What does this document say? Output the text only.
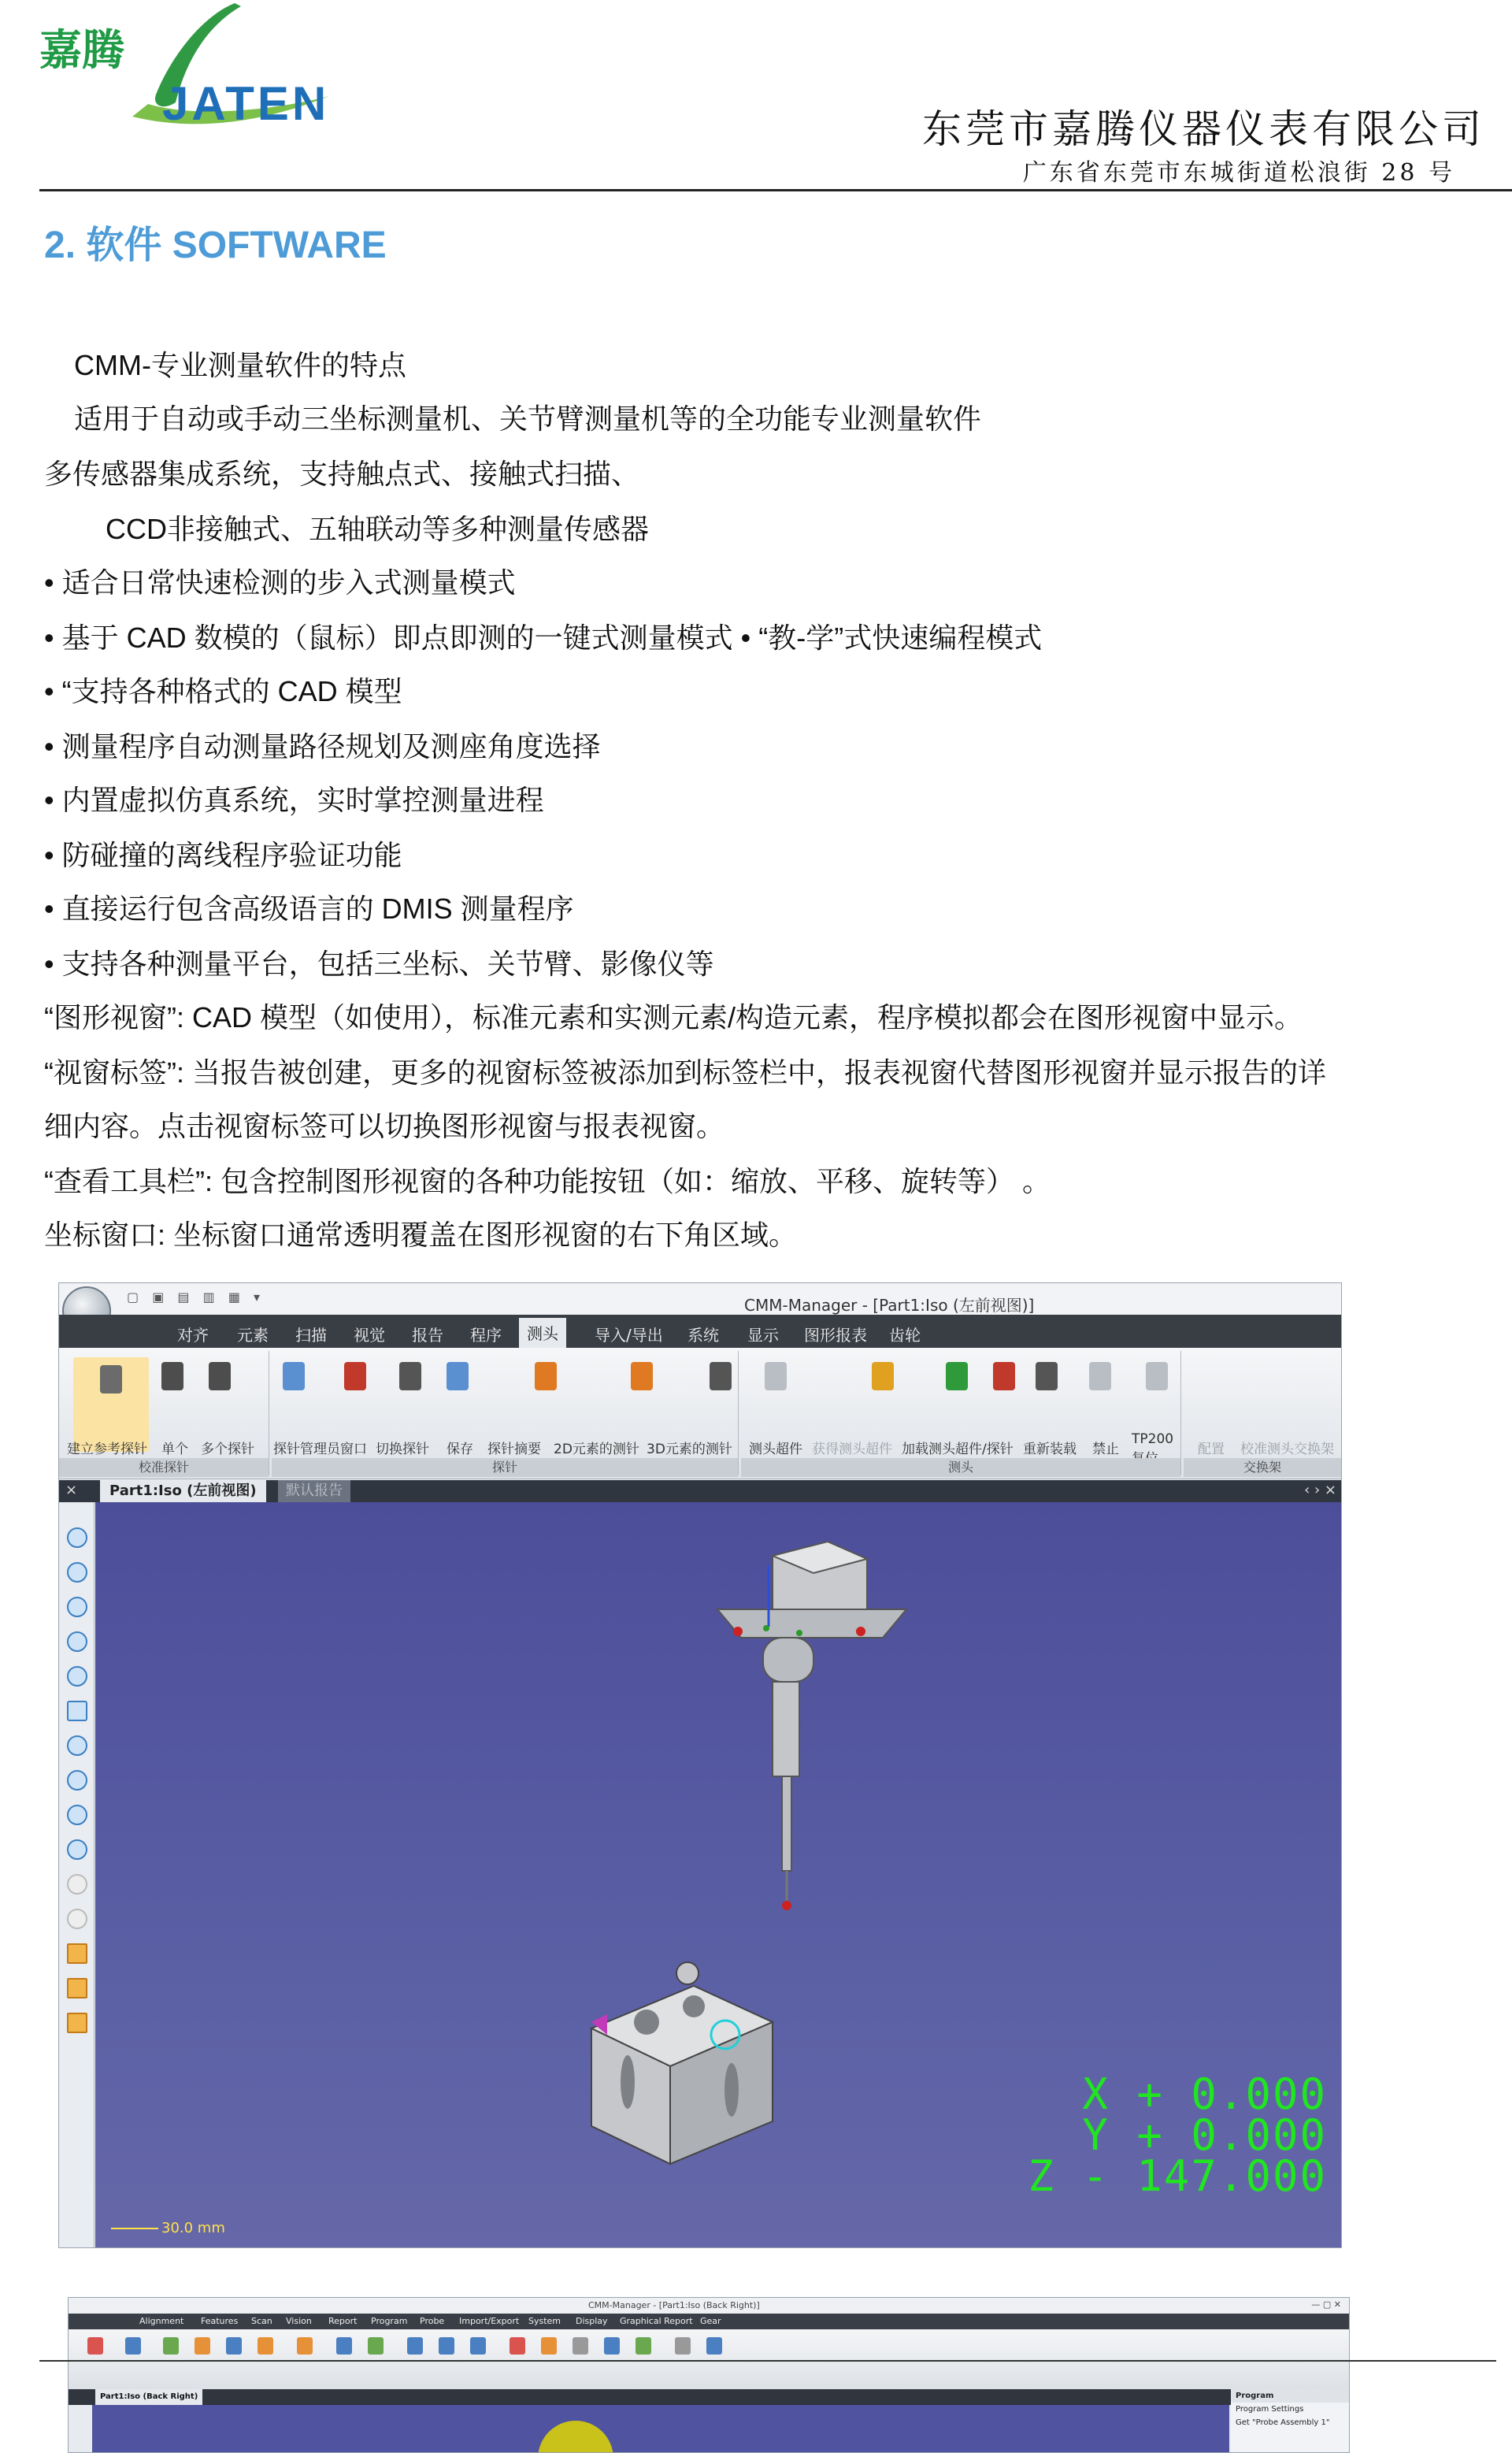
嘉腾
JATEN	东莞市嘉腾仪器仪表有限公司
广东省东莞市东城街道松浪街 28 号
2. 软件 SOFTWARE
CMM-专业测量软件的特点
适用于自动或手动三坐标测量机、关节臂测量机等的全功能专业测量软件
多传感器集成系统，支持触点式、接触式扫描、
CCD非接触式、五轴联动等多种测量传感器
• 适合日常快速检测的步入式测量模式
• 基于 CAD 数模的（鼠标）即点即测的一键式测量模式 • “教-学”式快速编程模式
• “支持各种格式的 CAD 模型
• 测量程序自动测量路径规划及测座角度选择
• 内置虚拟仿真系统，实时掌控测量进程
• 防碰撞的离线程序验证功能
• 直接运行包含高级语言的 DMIS 测量程序
• 支持各种测量平台，包括三坐标、关节臂、影像仪等
“图形视窗”: CAD 模型（如使用），标准元素和实测元素/构造元素，程序模拟都会在图形视窗中显示。
“视窗标签”: 当报告被创建，更多的视窗标签被添加到标签栏中，报表视窗代替图形视窗并显示报告的详
细内容。点击视窗标签可以切换图形视窗与报表视窗。
“查看工具栏”: 包含控制图形视窗的各种功能按钮（如：缩放、平移、旋转等） 。
坐标窗口: 坐标窗口通常透明覆盖在图形视窗的右下角区域。
▢ ▣ ▤ ▥ ▦ ▾	CMM-Manager - [Part1:Iso (左前视图)]
对齐 元素 扫描 视觉 报告 程序	测头	导入/导出 系统 显示 图形报表 齿轮
建立参考探针 单个 多个探针 探针管理员窗口 切换探针 保存 探针摘要 2D元素的测针 3D元素的测针 测头超件 获得测头超件 加载测头超件/探针 重新装载 禁止
TP200
配置 校准测头交换架
校准探针	探针	测头	交换架
×	Part1:Iso (左前视图)	默认报告	‹ › ×
X + 0.000
Y + 0.000
Z - 147.000
30.0 mm
CMM-Manager - [Part1:Iso (Back Right)]	— ▢ ✕
Alignment Features Scan Vision Report Program Probe Import/Export System Display Graphical Report Gear
Part1:Iso (Back Right)	Program
Program Settings
Get "Probe Assembly 1"
